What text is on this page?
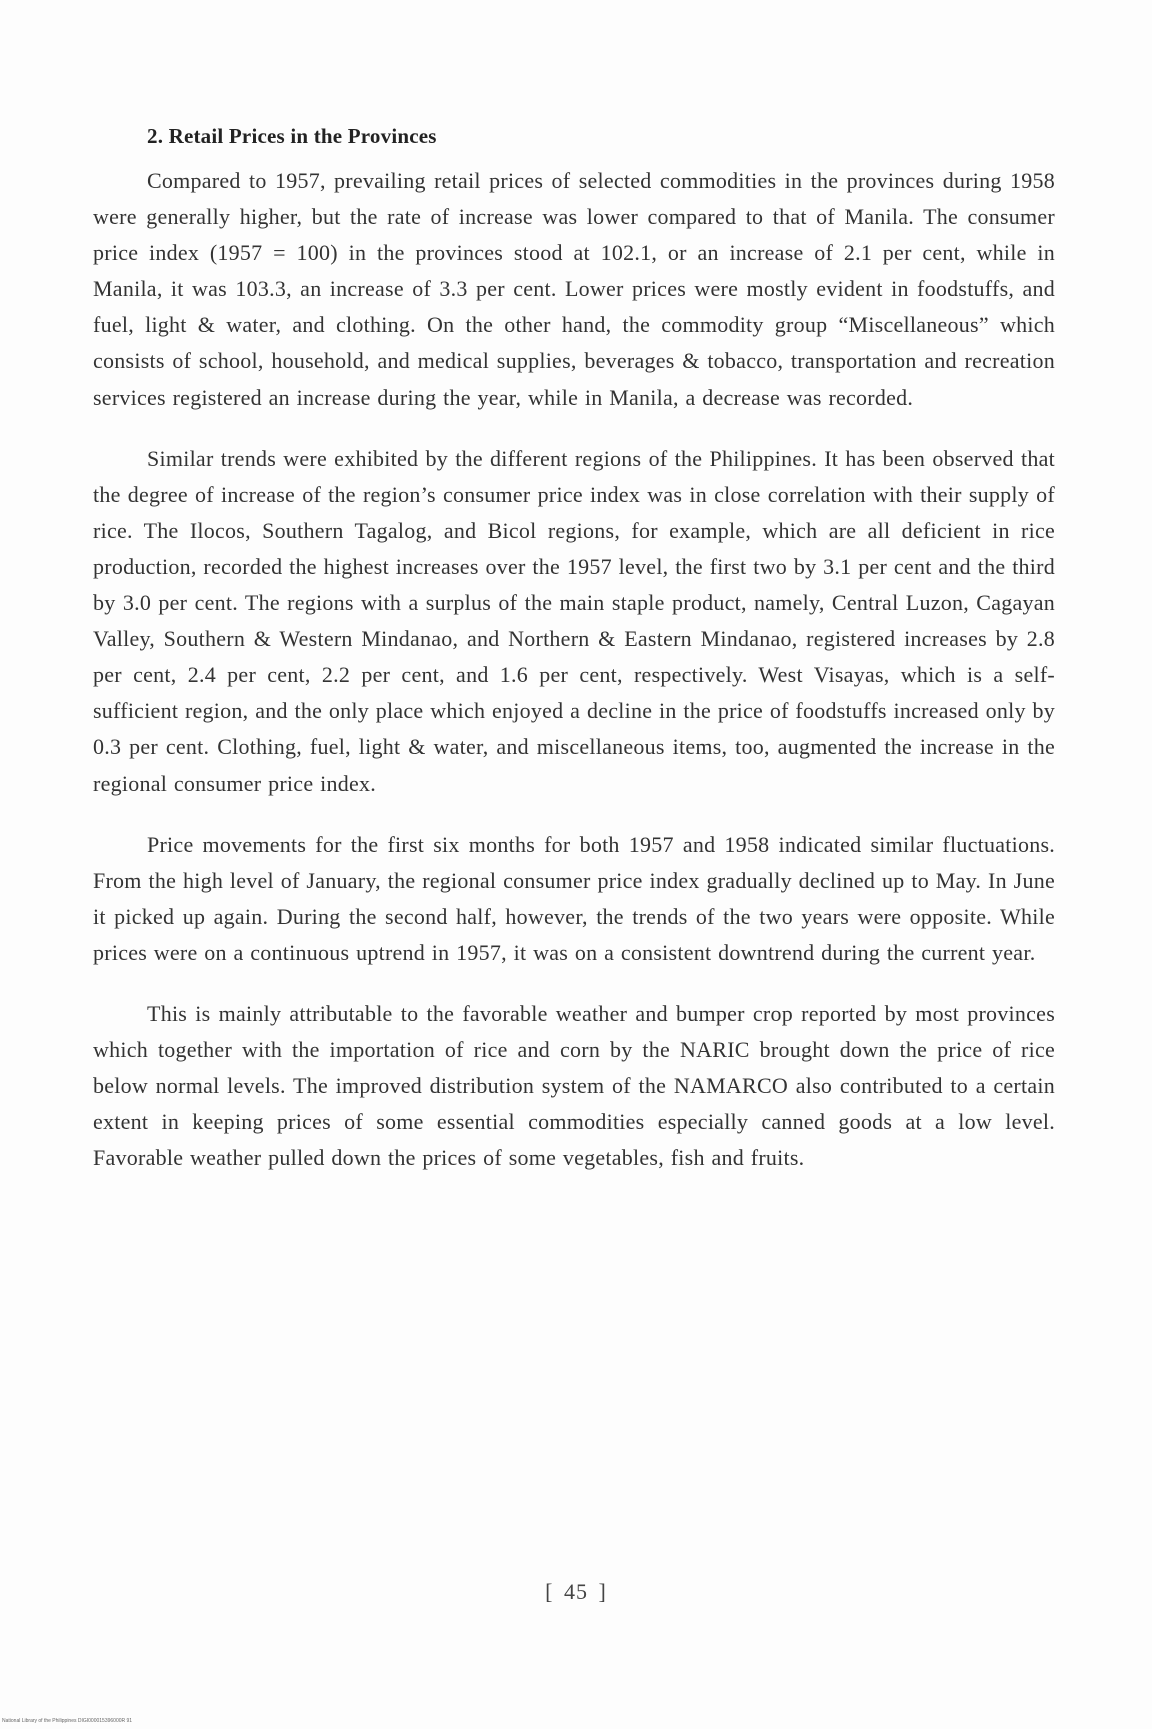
2. Retail Prices in the Provinces

Compared to 1957, prevailing retail prices of selected commodities in the provinces during 1958 were generally higher, but the rate of increase was lower compared to that of Manila. The consumer price index (1957 = 100) in the provinces stood at 102.1, or an increase of 2.1 per cent, while in Manila, it was 103.3, an increase of 3.3 per cent. Lower prices were mostly evident in foodstuffs, and fuel, light & water, and clothing. On the other hand, the commodity group “Miscellaneous” which consists of school, household, and medical supplies, beverages & tobacco, transportation and recreation services registered an increase during the year, while in Manila, a decrease was recorded.

Similar trends were exhibited by the different regions of the Philippines. It has been observed that the degree of increase of the region’s consumer price index was in close correlation with their supply of rice. The Ilocos, Southern Tagalog, and Bicol regions, for example, which are all deficient in rice production, recorded the highest increases over the 1957 level, the first two by 3.1 per cent and the third by 3.0 per cent. The regions with a surplus of the main staple product, namely, Central Luzon, Cagayan Valley, Southern & Western Mindanao, and Northern & Eastern Mindanao, registered increases by 2.8 per cent, 2.4 per cent, 2.2 per cent, and 1.6 per cent, respectively. West Visayas, which is a self-sufficient region, and the only place which enjoyed a decline in the price of foodstuffs increased only by 0.3 per cent. Clothing, fuel, light & water, and miscellaneous items, too, augmented the increase in the regional consumer price index.

Price movements for the first six months for both 1957 and 1958 indicated similar fluctuations. From the high level of January, the regional consumer price index gradually declined up to May. In June it picked up again. During the second half, however, the trends of the two years were opposite. While prices were on a continuous uptrend in 1957, it was on a consistent downtrend during the current year.

This is mainly attributable to the favorable weather and bumper crop reported by most provinces which together with the importation of rice and corn by the NARIC brought down the price of rice below normal levels. The improved distribution system of the NAMARCO also contributed to a certain extent in keeping prices of some essential commodities especially canned goods at a low level. Favorable weather pulled down the prices of some vegetables, fish and fruits.

[ 45 ]
National Library of the Philippines DIGI000015396000R 91
